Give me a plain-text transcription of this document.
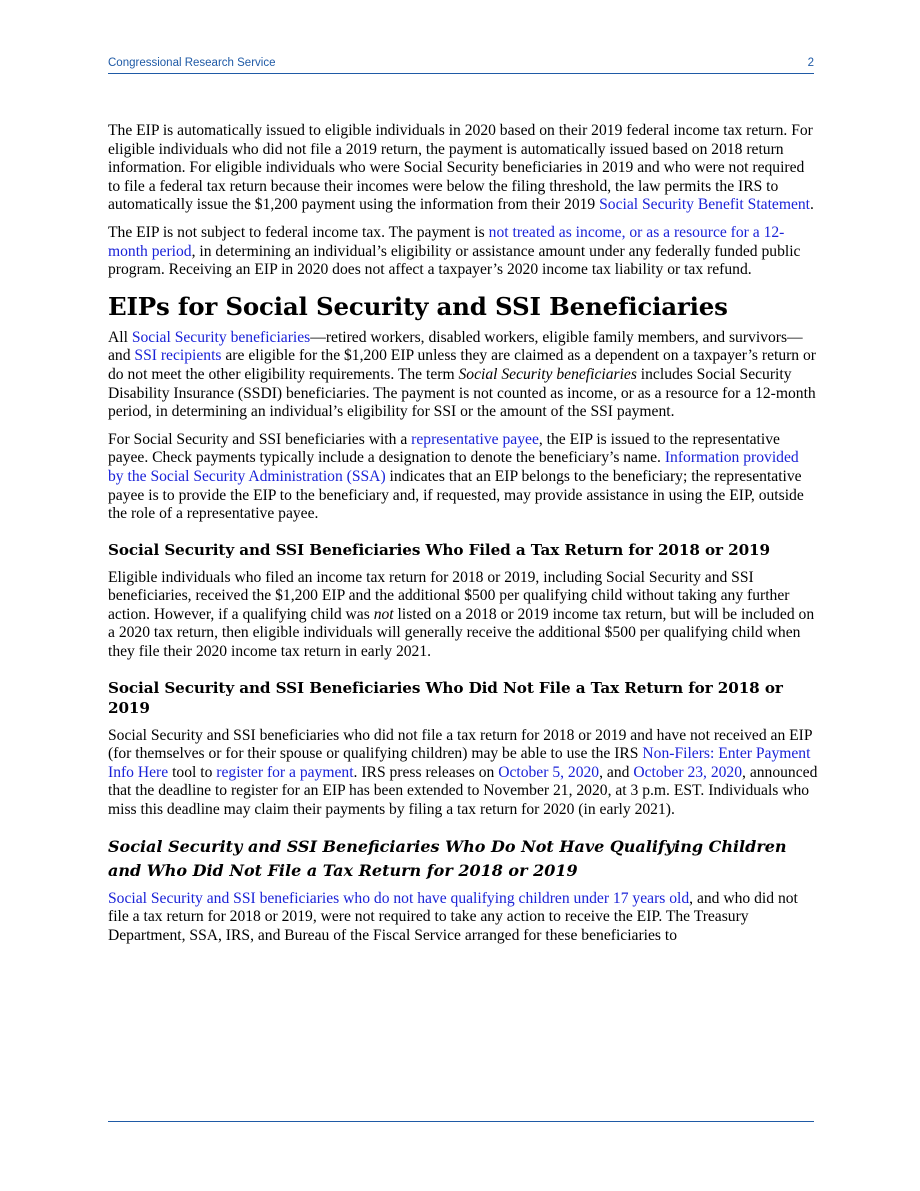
Congressional Research Service	2

The EIP is automatically issued to eligible individuals in 2020 based on their 2019 federal income tax return. For eligible individuals who did not file a 2019 return, the payment is automatically issued based on 2018 return information. For eligible individuals who were Social Security beneficiaries in 2019 and who were not required to file a federal tax return because their incomes were below the filing threshold, the law permits the IRS to automatically issue the $1,200 payment using the information from their 2019 Social Security Benefit Statement.

The EIP is not subject to federal income tax. The payment is not treated as income, or as a resource for a 12-month period, in determining an individual’s eligibility or assistance amount under any federally funded public program. Receiving an EIP in 2020 does not affect a taxpayer’s 2020 income tax liability or tax refund.

EIPs for Social Security and SSI Beneficiaries

All Social Security beneficiaries—retired workers, disabled workers, eligible family members, and survivors—and SSI recipients are eligible for the $1,200 EIP unless they are claimed as a dependent on a taxpayer’s return or do not meet the other eligibility requirements. The term Social Security beneficiaries includes Social Security Disability Insurance (SSDI) beneficiaries. The payment is not counted as income, or as a resource for a 12-month period, in determining an individual’s eligibility for SSI or the amount of the SSI payment.

For Social Security and SSI beneficiaries with a representative payee, the EIP is issued to the representative payee. Check payments typically include a designation to denote the beneficiary’s name. Information provided by the Social Security Administration (SSA) indicates that an EIP belongs to the beneficiary; the representative payee is to provide the EIP to the beneficiary and, if requested, may provide assistance in using the EIP, outside the role of a representative payee.

Social Security and SSI Beneficiaries Who Filed a Tax Return for 2018 or 2019

Eligible individuals who filed an income tax return for 2018 or 2019, including Social Security and SSI beneficiaries, received the $1,200 EIP and the additional $500 per qualifying child without taking any further action. However, if a qualifying child was not listed on a 2018 or 2019 income tax return, but will be included on a 2020 tax return, then eligible individuals will generally receive the additional $500 per qualifying child when they file their 2020 income tax return in early 2021.

Social Security and SSI Beneficiaries Who Did Not File a Tax Return for 2018 or 2019

Social Security and SSI beneficiaries who did not file a tax return for 2018 or 2019 and have not received an EIP (for themselves or for their spouse or qualifying children) may be able to use the IRS Non-Filers: Enter Payment Info Here tool to register for a payment. IRS press releases on October 5, 2020, and October 23, 2020, announced that the deadline to register for an EIP has been extended to November 21, 2020, at 3 p.m. EST. Individuals who miss this deadline may claim their payments by filing a tax return for 2020 (in early 2021).

Social Security and SSI Beneficiaries Who Do Not Have Qualifying Children and Who Did Not File a Tax Return for 2018 or 2019

Social Security and SSI beneficiaries who do not have qualifying children under 17 years old, and who did not file a tax return for 2018 or 2019, were not required to take any action to receive the EIP. The Treasury Department, SSA, IRS, and Bureau of the Fiscal Service arranged for these beneficiaries to
